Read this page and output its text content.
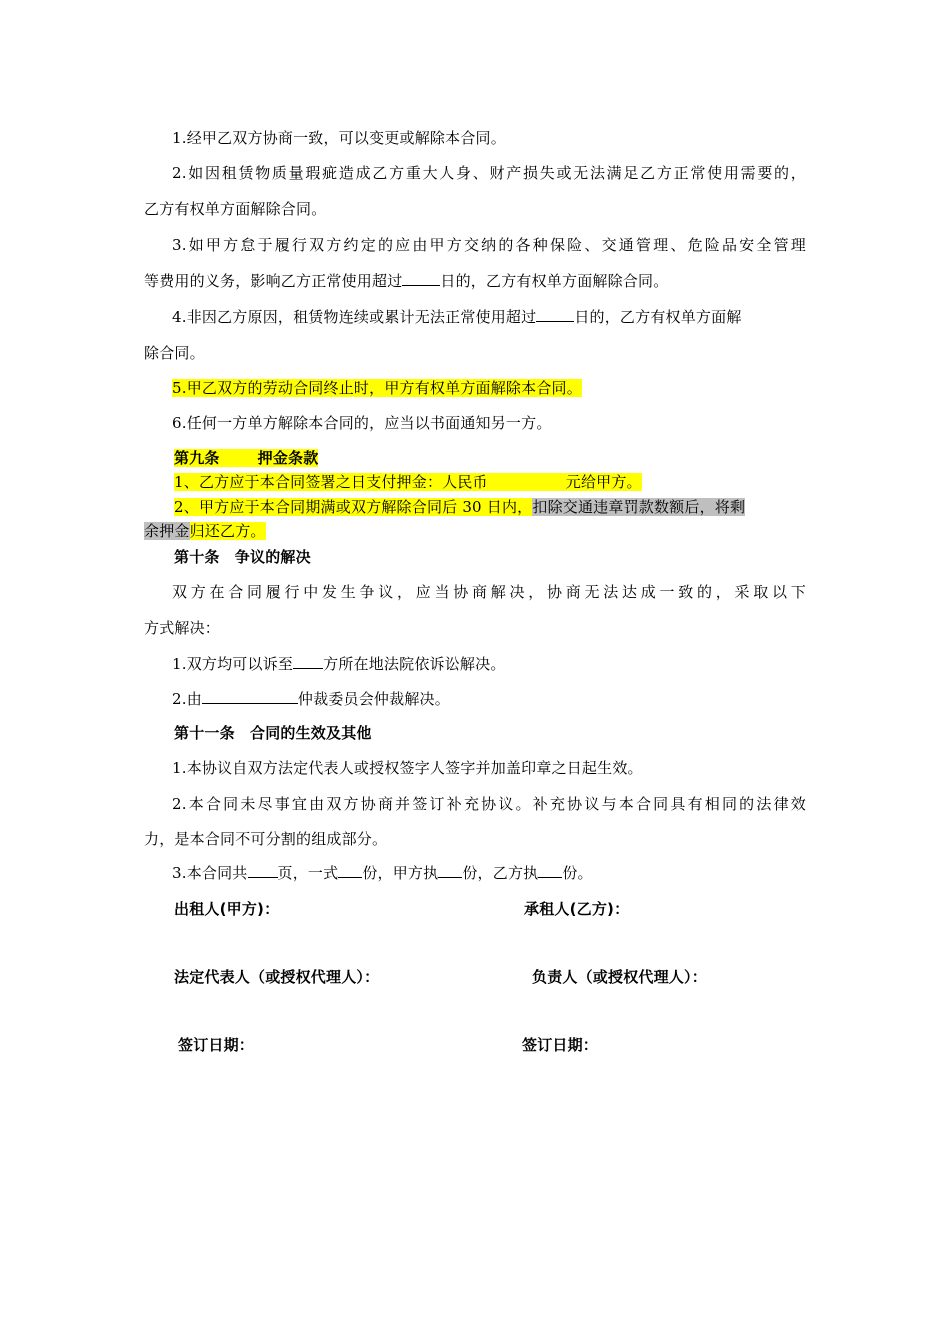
1.经甲乙双方协商一致，可以变更或解除本合同。
2.如因租赁物质量瑕疵造成乙方重大人身、财产损失或无法满足乙方正常使用需要的，
乙方有权单方面解除合同。
3.如甲方怠于履行双方约定的应由甲方交纳的各种保险、交通管理、危险品安全管理
等费用的义务，影响乙方正常使用超过	日的，乙方有权单方面解除合同。
4.非因乙方原因，租赁物连续或累计无法正常使用超过	日的，乙方有权单方面解
除合同。
5.甲乙双方的劳动合同终止时，甲方有权单方面解除本合同。
6.任何一方单方解除本合同的，应当以书面通知另一方。
第九条	押金条款
1、乙方应于本合同签署之日支付押金：人民币	元给甲方。
2、甲方应于本合同期满或双方解除合同后 30 日内，扣除交通违章罚款数额后，将剩
余押金归还乙方。
第十条　争议的解决
双方在合同履行中发生争议，应当协商解决，协商无法达成一致的，采取以下
方式解决：
1.双方均可以诉至 方所在地法院依诉讼解决。
2.由	仲裁委员会仲裁解决。
第十一条　合同的生效及其他
1.本协议自双方法定代表人或授权签字人签字并加盖印章之日起生效。
2.本合同未尽事宜由双方协商并签订补充协议。补充协议与本合同具有相同的法律效
力，是本合同不可分割的组成部分。
3.本合同共 页，一式 份，甲方执 份，乙方执 份。
出租人(甲方)：	承租人(乙方)：
法定代表人（或授权代理人）：	负责人（或授权代理人）：
签订日期：	签订日期：
